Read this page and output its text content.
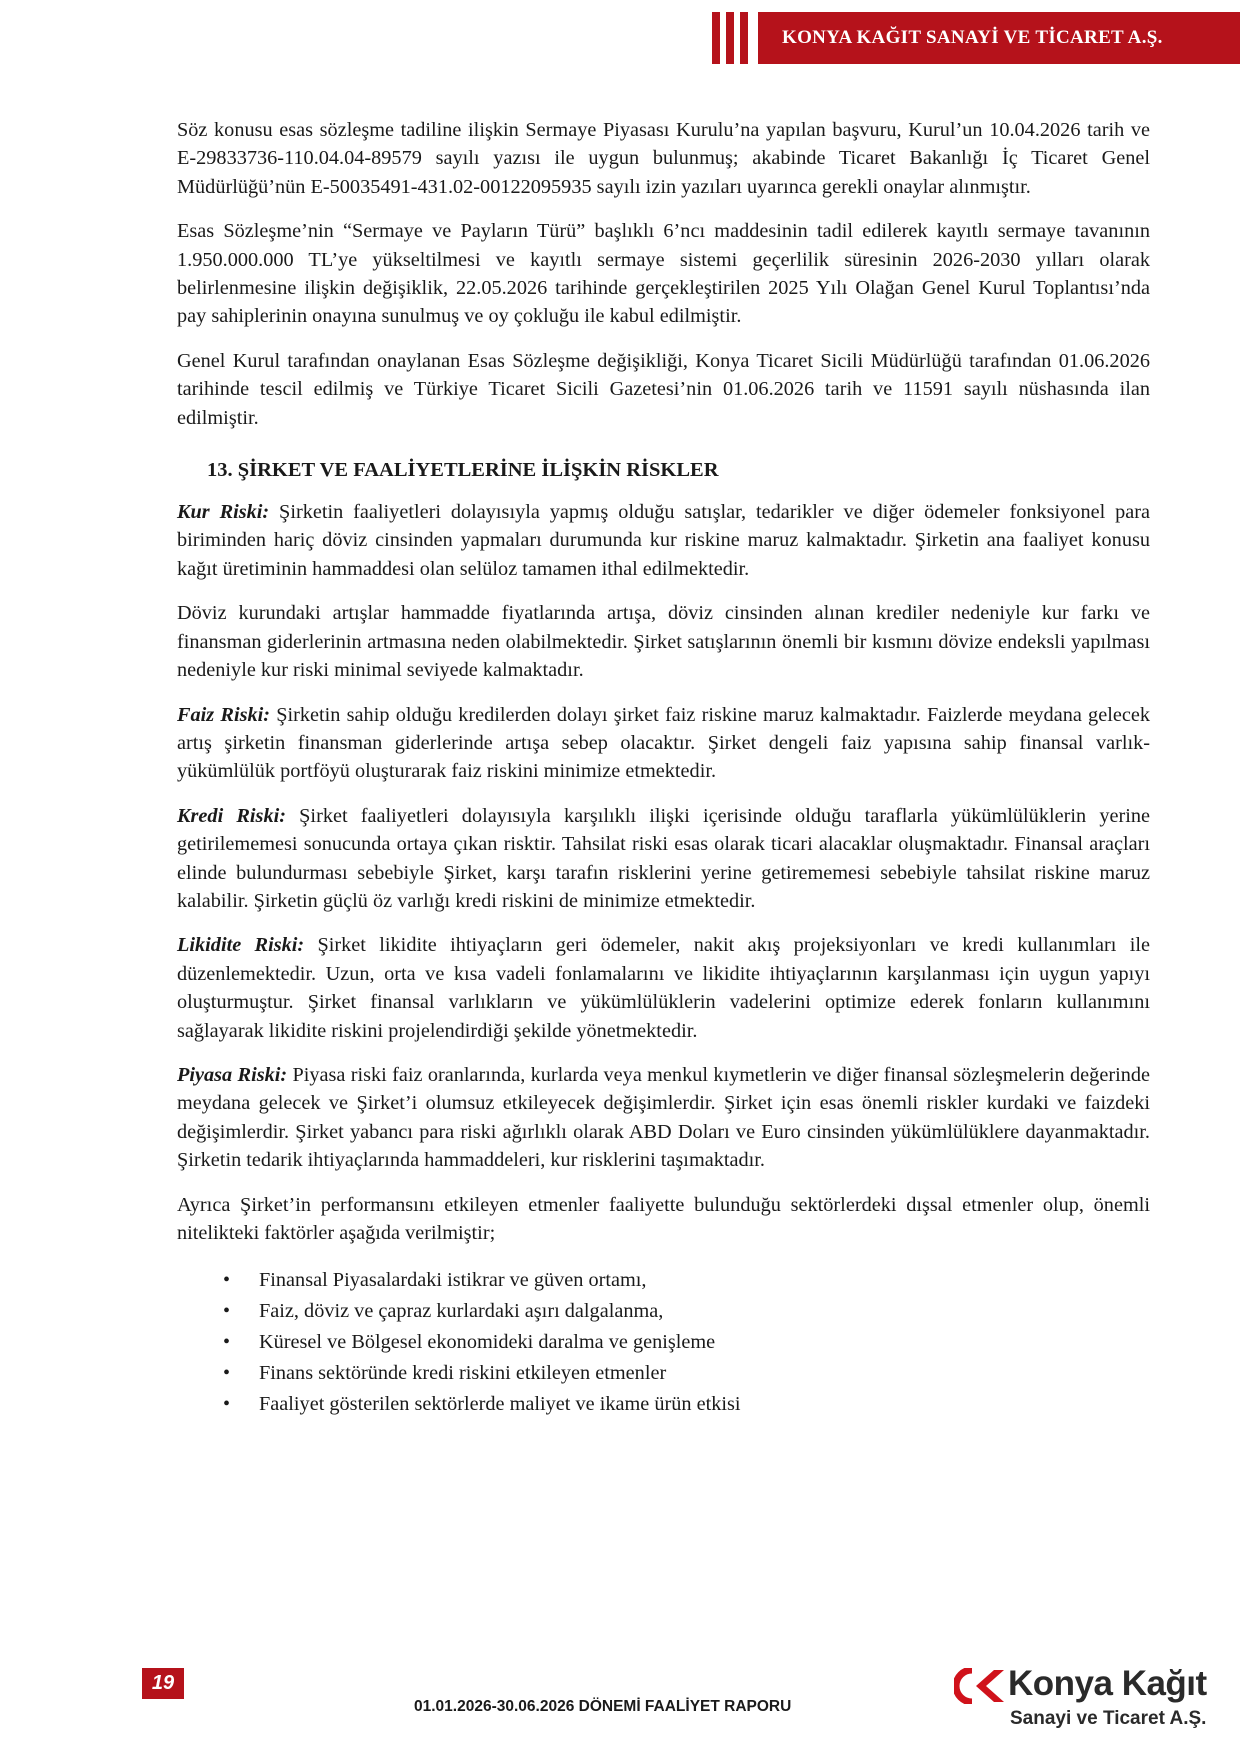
KONYA KAĞIT SANAYİ VE TİCARET A.Ş.

Söz konusu esas sözleşme tadiline ilişkin Sermaye Piyasası Kurulu’na yapılan başvuru, Kurul’un 10.04.2026 tarih ve E-29833736-110.04.04-89579 sayılı yazısı ile uygun bulunmuş; akabinde Ticaret Bakanlığı İç Ticaret Genel Müdürlüğü’nün E-50035491-431.02-00122095935 sayılı izin yazıları uyarınca gerekli onaylar alınmıştır.

Esas Sözleşme’nin “Sermaye ve Payların Türü” başlıklı 6’ncı maddesinin tadil edilerek kayıtlı sermaye tavanının 1.950.000.000 TL’ye yükseltilmesi ve kayıtlı sermaye sistemi geçerlilik süresinin 2026-2030 yılları olarak belirlenmesine ilişkin değişiklik, 22.05.2026 tarihinde gerçekleştirilen 2025 Yılı Olağan Genel Kurul Toplantısı’nda pay sahiplerinin onayına sunulmuş ve oy çokluğu ile kabul edilmiştir.

Genel Kurul tarafından onaylanan Esas Sözleşme değişikliği, Konya Ticaret Sicili Müdürlüğü tarafından 01.06.2026 tarihinde tescil edilmiş ve Türkiye Ticaret Sicili Gazetesi’nin 01.06.2026 tarih ve 11591 sayılı nüshasında ilan edilmiştir.

13. ŞİRKET VE FAALİYETLERİNE İLİŞKİN RİSKLER

Kur Riski: Şirketin faaliyetleri dolayısıyla yapmış olduğu satışlar, tedarikler ve diğer ödemeler fonksiyonel para biriminden hariç döviz cinsinden yapmaları durumunda kur riskine maruz kalmaktadır. Şirketin ana faaliyet konusu kağıt üretiminin hammaddesi olan selüloz tamamen ithal edilmektedir.

Döviz kurundaki artışlar hammadde fiyatlarında artışa, döviz cinsinden alınan krediler nedeniyle kur farkı ve finansman giderlerinin artmasına neden olabilmektedir. Şirket satışlarının önemli bir kısmını dövize endeksli yapılması nedeniyle kur riski minimal seviyede kalmaktadır.

Faiz Riski: Şirketin sahip olduğu kredilerden dolayı şirket faiz riskine maruz kalmaktadır. Faizlerde meydana gelecek artış şirketin finansman giderlerinde artışa sebep olacaktır. Şirket dengeli faiz yapısına sahip finansal varlık-yükümlülük portföyü oluşturarak faiz riskini minimize etmektedir.

Kredi Riski: Şirket faaliyetleri dolayısıyla karşılıklı ilişki içerisinde olduğu taraflarla yükümlülüklerin yerine getirilememesi sonucunda ortaya çıkan risktir. Tahsilat riski esas olarak ticari alacaklar oluşmaktadır. Finansal araçları elinde bulundurması sebebiyle Şirket, karşı tarafın risklerini yerine getirememesi sebebiyle tahsilat riskine maruz kalabilir. Şirketin güçlü öz varlığı kredi riskini de minimize etmektedir.

Likidite Riski: Şirket likidite ihtiyaçların geri ödemeler, nakit akış projeksiyonları ve kredi kullanımları ile düzenlemektedir. Uzun, orta ve kısa vadeli fonlamalarını ve likidite ihtiyaçlarının karşılanması için uygun yapıyı oluşturmuştur. Şirket finansal varlıkların ve yükümlülüklerin vadelerini optimize ederek fonların kullanımını sağlayarak likidite riskini projelendirdiği şekilde yönetmektedir.

Piyasa Riski: Piyasa riski faiz oranlarında, kurlarda veya menkul kıymetlerin ve diğer finansal sözleşmelerin değerinde meydana gelecek ve Şirket’i olumsuz etkileyecek değişimlerdir. Şirket için esas önemli riskler kurdaki ve faizdeki değişimlerdir. Şirket yabancı para riski ağırlıklı olarak ABD Doları ve Euro cinsinden yükümlülüklere dayanmaktadır. Şirketin tedarik ihtiyaçlarında hammaddeleri, kur risklerini taşımaktadır.

Ayrıca Şirket’in performansını etkileyen etmenler faaliyette bulunduğu sektörlerdeki dışsal etmenler olup, önemli nitelikteki faktörler aşağıda verilmiştir;

• Finansal Piyasalardaki istikrar ve güven ortamı,
• Faiz, döviz ve çapraz kurlardaki aşırı dalgalanma,
• Küresel ve Bölgesel ekonomideki daralma ve genişleme
• Finans sektöründe kredi riskini etkileyen etmenler
• Faaliyet gösterilen sektörlerde maliyet ve ikame ürün etkisi
19
01.01.2026-30.06.2026 DÖNEMİ FAALİYET RAPORU
Konya Kağıt
Sanayi ve Ticaret A.Ş.
